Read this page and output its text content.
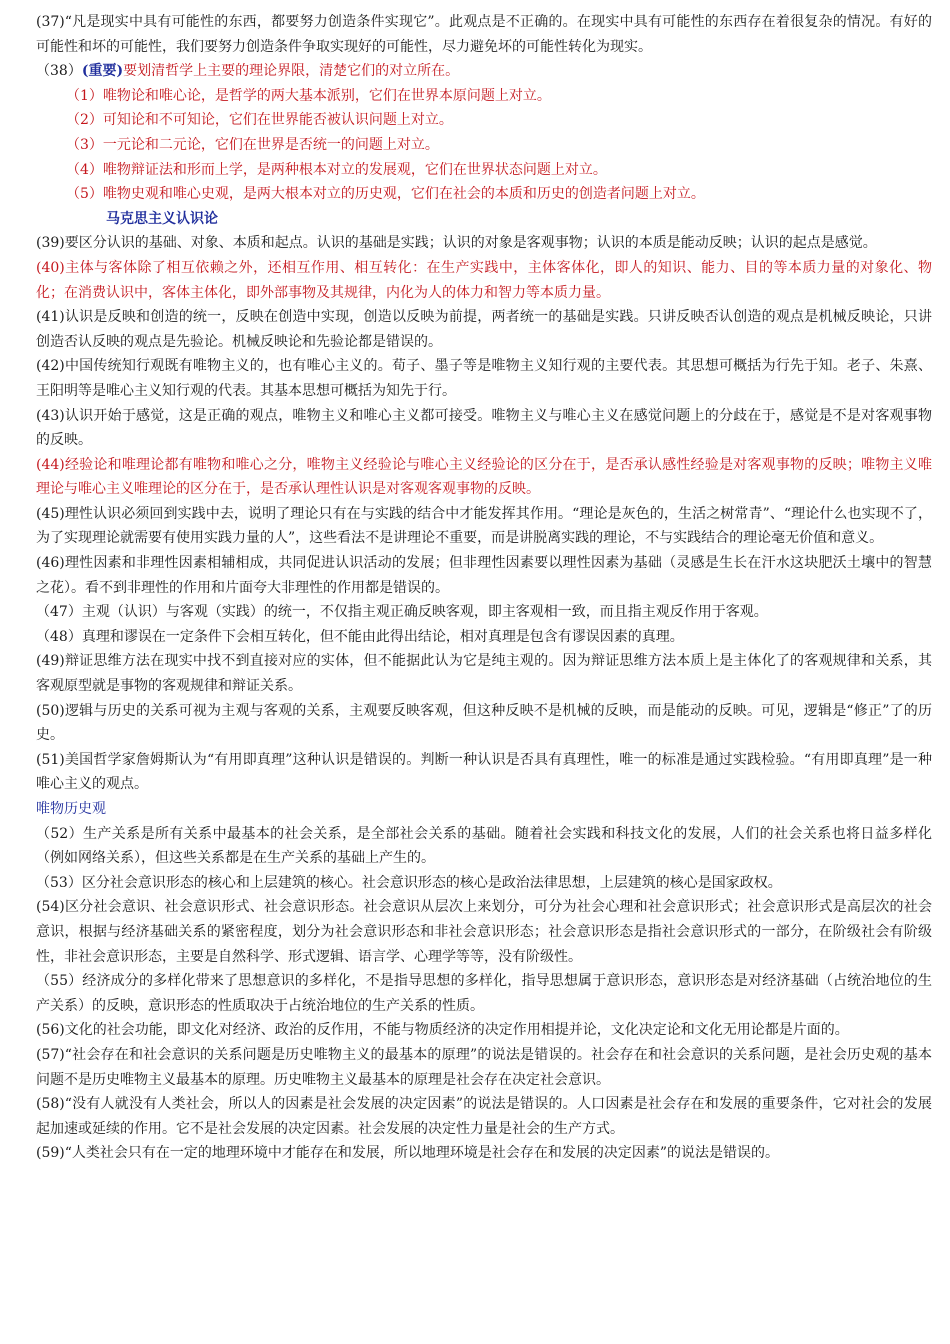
(37)“凡是现实中具有可能性的东西，都要努力创造条件实现它”。此观点是不正确的。在现实中具有可能性的东西存在着很复杂的情况。有好的可能性和坏的可能性，我们要努力创造条件争取实现好的可能性，尽力避免坏的可能性转化为现实。

（38）(重要)要划清哲学上主要的理论界限，清楚它们的对立所在。

（1）唯物论和唯心论，是哲学的两大基本派别，它们在世界本原问题上对立。

（2）可知论和不可知论，它们在世界能否被认识问题上对立。

（3）一元论和二元论，它们在世界是否统一的问题上对立。

（4）唯物辩证法和形而上学，是两种根本对立的发展观，它们在世界状态问题上对立。

（5）唯物史观和唯心史观，是两大根本对立的历史观，它们在社会的本质和历史的创造者问题上对立。

马克思主义认识论

(39)要区分认识的基础、对象、本质和起点。认识的基础是实践；认识的对象是客观事物；认识的本质是能动反映；认识的起点是感觉。

(40)主体与客体除了相互依赖之外，还相互作用、相互转化：在生产实践中，主体客体化，即人的知识、能力、目的等本质力量的对象化、物化；在消费认识中，客体主体化，即外部事物及其规律，内化为人的体力和智力等本质力量。

(41)认识是反映和创造的统一，反映在创造中实现，创造以反映为前提，两者统一的基础是实践。只讲反映否认创造的观点是机械反映论，只讲创造否认反映的观点是先验论。机械反映论和先验论都是错误的。

(42)中国传统知行观既有唯物主义的，也有唯心主义的。荀子、墨子等是唯物主义知行观的主要代表。其思想可概括为行先于知。老子、朱熹、王阳明等是唯心主义知行观的代表。其基本思想可概括为知先于行。

(43)认识开始于感觉，这是正确的观点，唯物主义和唯心主义都可接受。唯物主义与唯心主义在感觉问题上的分歧在于，感觉是不是对客观事物的反映。

(44)经验论和唯理论都有唯物和唯心之分，唯物主义经验论与唯心主义经验论的区分在于，是否承认感性经验是对客观事物的反映；唯物主义唯理论与唯心主义唯理论的区分在于，是否承认理性认识是对客观客观事物的反映。

(45)理性认识必须回到实践中去，说明了理论只有在与实践的结合中才能发挥其作用。“理论是灰色的，生活之树常青”、“理论什么也实现不了，为了实现理论就需要有使用实践力量的人”，这些看法不是讲理论不重要，而是讲脱离实践的理论，不与实践结合的理论毫无价值和意义。

(46)理性因素和非理性因素相辅相成，共同促进认识活动的发展；但非理性因素要以理性因素为基础（灵感是生长在汗水这块肥沃土壤中的智慧之花）。看不到非理性的作用和片面夸大非理性的作用都是错误的。

（47）主观（认识）与客观（实践）的统一，不仅指主观正确反映客观，即主客观相一致，而且指主观反作用于客观。

（48）真理和谬误在一定条件下会相互转化，但不能由此得出结论，相对真理是包含有谬误因素的真理。

(49)辩证思维方法在现实中找不到直接对应的实体，但不能据此认为它是纯主观的。因为辩证思维方法本质上是主体化了的客观规律和关系，其客观原型就是事物的客观规律和辩证关系。

(50)逻辑与历史的关系可视为主观与客观的关系，主观要反映客观，但这种反映不是机械的反映，而是能动的反映。可见，逻辑是“修正”了的历史。

(51)美国哲学家詹姆斯认为“有用即真理”这种认识是错误的。判断一种认识是否具有真理性，唯一的标准是通过实践检验。“有用即真理”是一种唯心主义的观点。

唯物历史观

（52）生产关系是所有关系中最基本的社会关系，是全部社会关系的基础。随着社会实践和科技文化的发展，人们的社会关系也将日益多样化（例如网络关系），但这些关系都是在生产关系的基础上产生的。

（53）区分社会意识形态的核心和上层建筑的核心。社会意识形态的核心是政治法律思想，上层建筑的核心是国家政权。

(54)区分社会意识、社会意识形式、社会意识形态。社会意识从层次上来划分，可分为社会心理和社会意识形式；社会意识形式是高层次的社会意识，根据与经济基础关系的紧密程度，划分为社会意识形态和非社会意识形态；社会意识形态是指社会意识形式的一部分，在阶级社会有阶级性，非社会意识形态，主要是自然科学、形式逻辑、语言学、心理学等等，没有阶级性。

（55）经济成分的多样化带来了思想意识的多样化，不是指导思想的多样化，指导思想属于意识形态，意识形态是对经济基础（占统治地位的生产关系）的反映，意识形态的性质取决于占统治地位的生产关系的性质。

(56)文化的社会功能，即文化对经济、政治的反作用，不能与物质经济的决定作用相提并论，文化决定论和文化无用论都是片面的。

(57)“社会存在和社会意识的关系问题是历史唯物主义的最基本的原理”的说法是错误的。社会存在和社会意识的关系问题，是社会历史观的基本问题不是历史唯物主义最基本的原理。历史唯物主义最基本的原理是社会存在决定社会意识。

(58)“没有人就没有人类社会，所以人的因素是社会发展的决定因素”的说法是错误的。人口因素是社会存在和发展的重要条件，它对社会的发展起加速或延续的作用。它不是社会发展的决定因素。社会发展的决定性力量是社会的生产方式。

(59)“人类社会只有在一定的地理环境中才能存在和发展，所以地理环境是社会存在和发展的决定因素”的说法是错误的。
